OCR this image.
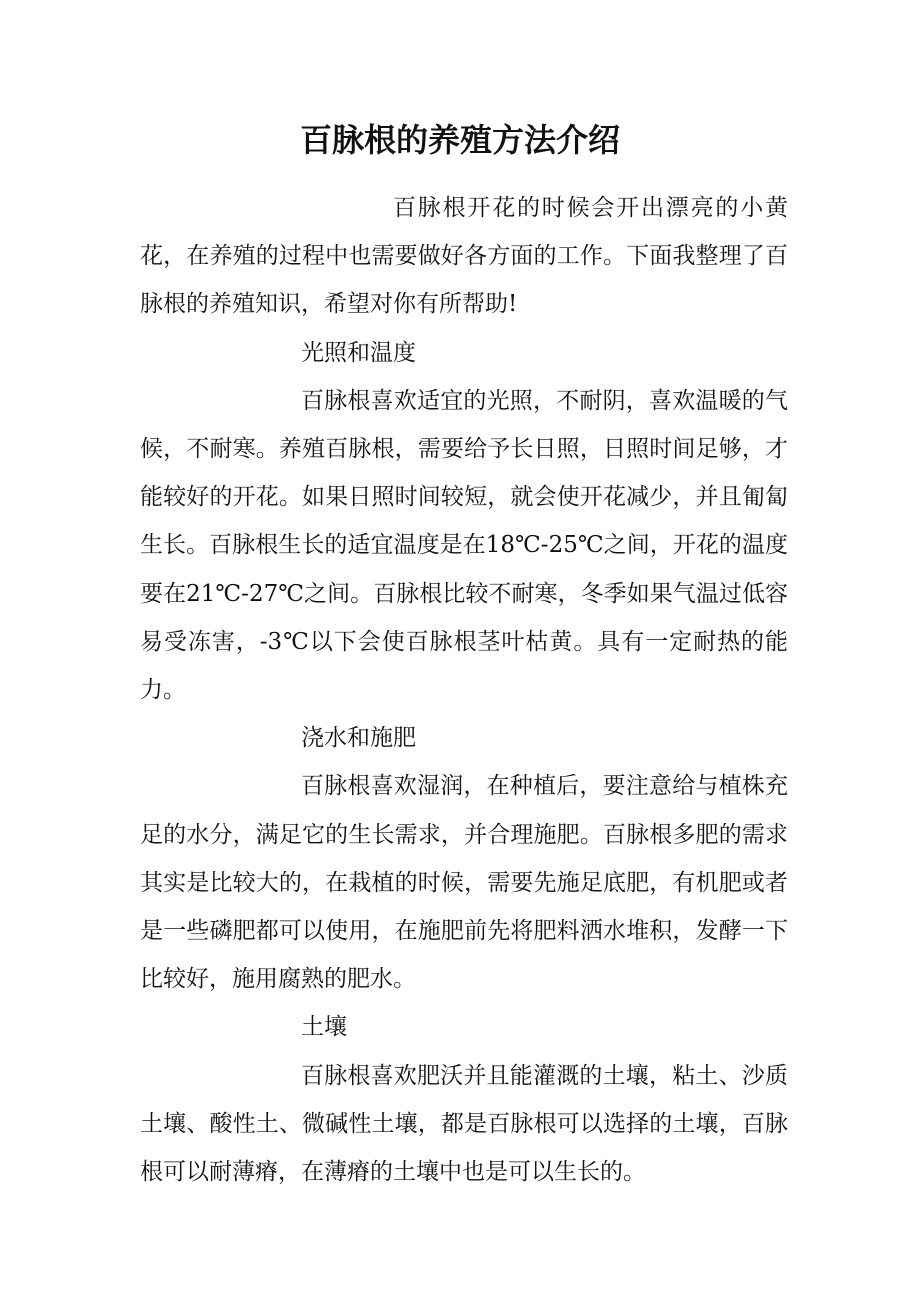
百脉根的养殖方法介绍

百脉根开花的时候会开出漂亮的小黄花，在养殖的过程中也需要做好各方面的工作。下面我整理了百脉根的养殖知识，希望对你有所帮助!

光照和温度

百脉根喜欢适宜的光照，不耐阴，喜欢温暖的气候，不耐寒。养殖百脉根，需要给予长日照，日照时间足够，才能较好的开花。如果日照时间较短，就会使开花减少，并且匍匐生长。百脉根生长的适宜温度是在18℃-25℃之间，开花的温度要在21℃-27℃之间。百脉根比较不耐寒，冬季如果气温过低容易受冻害，-3℃以下会使百脉根茎叶枯黄。具有一定耐热的能力。

浇水和施肥

百脉根喜欢湿润，在种植后，要注意给与植株充足的水分，满足它的生长需求，并合理施肥。百脉根多肥的需求其实是比较大的，在栽植的时候，需要先施足底肥，有机肥或者是一些磷肥都可以使用，在施肥前先将肥料洒水堆积，发酵一下比较好，施用腐熟的肥水。

土壤

百脉根喜欢肥沃并且能灌溉的土壤，粘土、沙质土壤、酸性土、微碱性土壤，都是百脉根可以选择的土壤，百脉根可以耐薄瘠，在薄瘠的土壤中也是可以生长的。
